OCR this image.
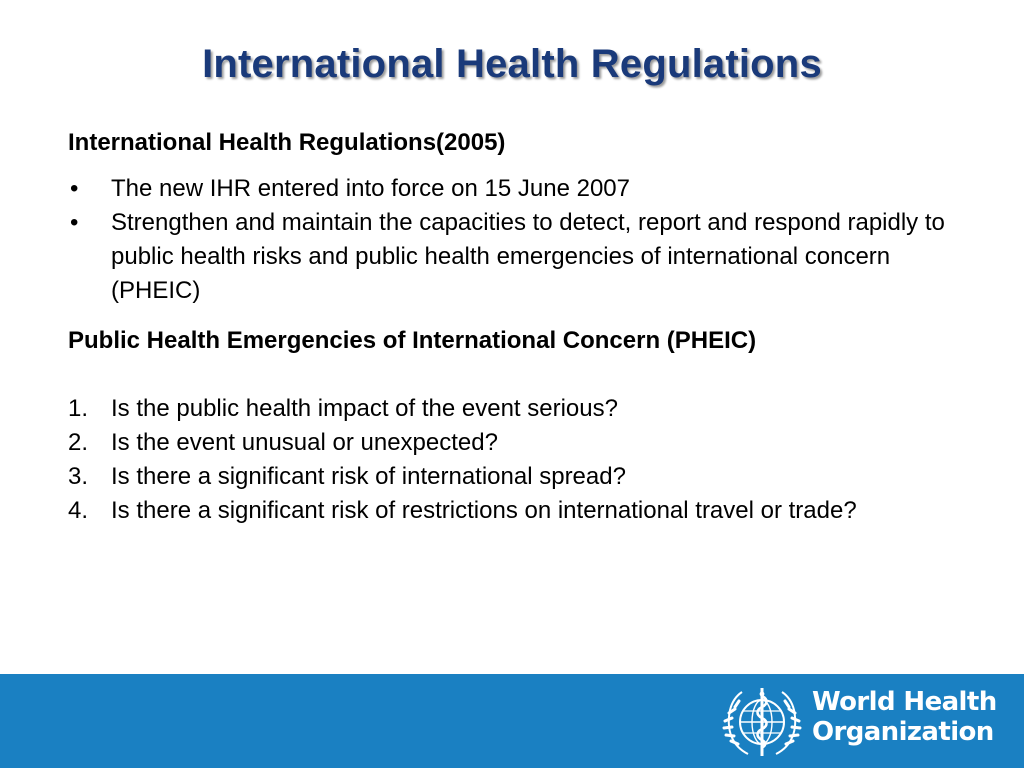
International Health Regulations

International Health Regulations(2005)

•	The new IHR entered into force on 15 June 2007
•	Strengthen and maintain the capacities to detect, report and respond rapidly to public health risks and public health emergencies of international concern (PHEIC)

Public Health Emergencies of International Concern (PHEIC)

1. Is the public health impact of the event serious?
2. Is the event unusual or unexpected?
3. Is there a significant risk of international spread?
4. Is there a significant risk of restrictions on international travel or trade?
World Health
Organization
